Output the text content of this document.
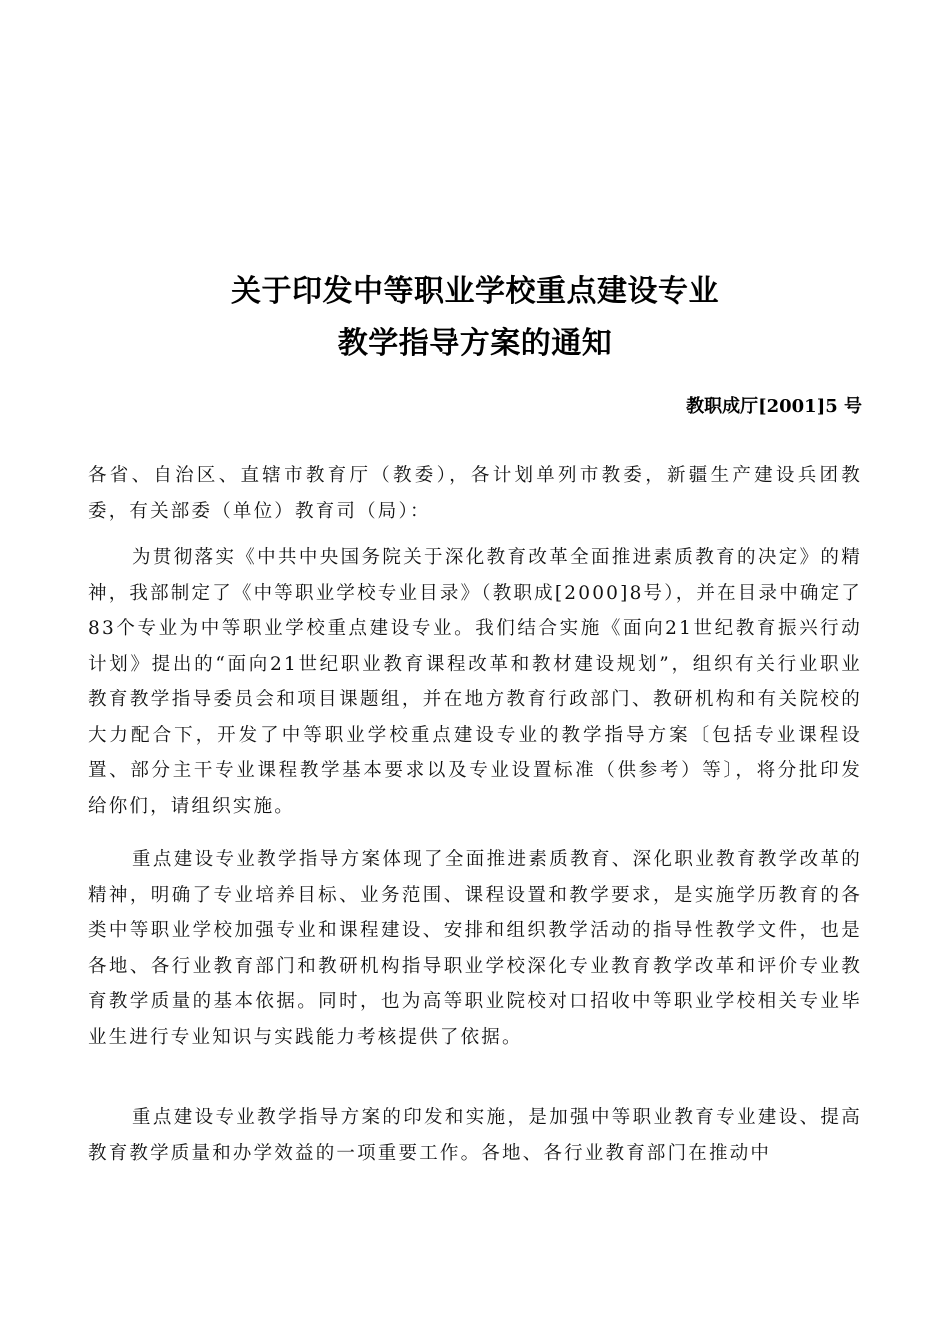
关于印发中等职业学校重点建设专业
教学指导方案的通知
教职成厅[2001]5 号

各省、自治区、直辖市教育厅（教委），各计划单列市教委，新疆生产建设兵团教委，有关部委（单位）教育司（局）：

为贯彻落实《中共中央国务院关于深化教育改革全面推进素质教育的决定》的精神，我部制定了《中等职业学校专业目录》（教职成[2000]8号），并在目录中确定了83个专业为中等职业学校重点建设专业。我们结合实施《面向21世纪教育振兴行动计划》提出的“面向21世纪职业教育课程改革和教材建设规划”，组织有关行业职业教育教学指导委员会和项目课题组，并在地方教育行政部门、教研机构和有关院校的大力配合下，开发了中等职业学校重点建设专业的教学指导方案〔包括专业课程设置、部分主干专业课程教学基本要求以及专业设置标准（供参考）等〕，将分批印发给你们，请组织实施。

重点建设专业教学指导方案体现了全面推进素质教育、深化职业教育教学改革的精神，明确了专业培养目标、业务范围、课程设置和教学要求，是实施学历教育的各类中等职业学校加强专业和课程建设、安排和组织教学活动的指导性教学文件，也是各地、各行业教育部门和教研机构指导职业学校深化专业教育教学改革和评价专业教育教学质量的基本依据。同时，也为高等职业院校对口招收中等职业学校相关专业毕业生进行专业知识与实践能力考核提供了依据。

重点建设专业教学指导方案的印发和实施，是加强中等职业教育专业建设、提高教育教学质量和办学效益的一项重要工作。各地、各行业教育部门在推动中
